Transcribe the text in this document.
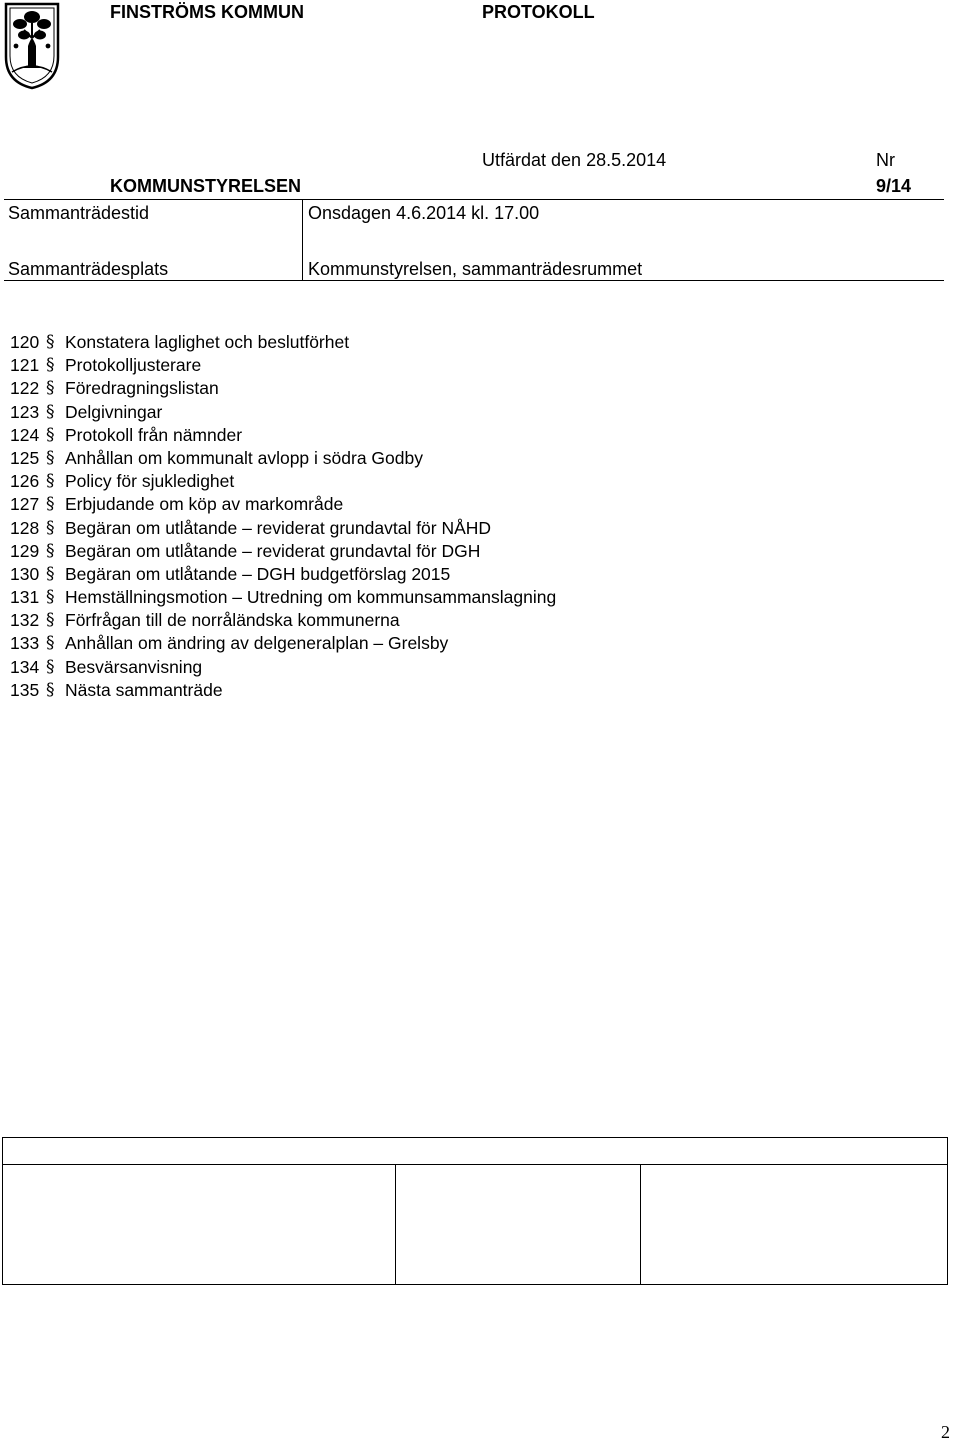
FINSTRÖMS KOMMUN	PROTOKOLL
Utfärdat den 28.5.2014	Nr
KOMMUNSTYRELSEN	9/14
Sammanträdestid	Onsdagen 4.6.2014 kl. 17.00
Sammanträdesplats	Kommunstyrelsen, sammanträdesrummet
120 § Konstatera laglighet och beslutförhet
121 § Protokolljusterare
122 § Föredragningslistan
123 § Delgivningar
124 § Protokoll från nämnder
125 § Anhållan om kommunalt avlopp i södra Godby
126 § Policy för sjukledighet
127 § Erbjudande om köp av markområde
128 § Begäran om utlåtande – reviderat grundavtal för NÅHD
129 § Begäran om utlåtande – reviderat grundavtal för DGH
130 § Begäran om utlåtande – DGH budgetförslag 2015
131 § Hemställningsmotion – Utredning om kommunsammanslagning
132 § Förfrågan till de norråländska kommunerna
133 § Anhållan om ändring av delgeneralplan – Grelsby
134 § Besvärsanvisning
135 § Nästa sammanträde
2
